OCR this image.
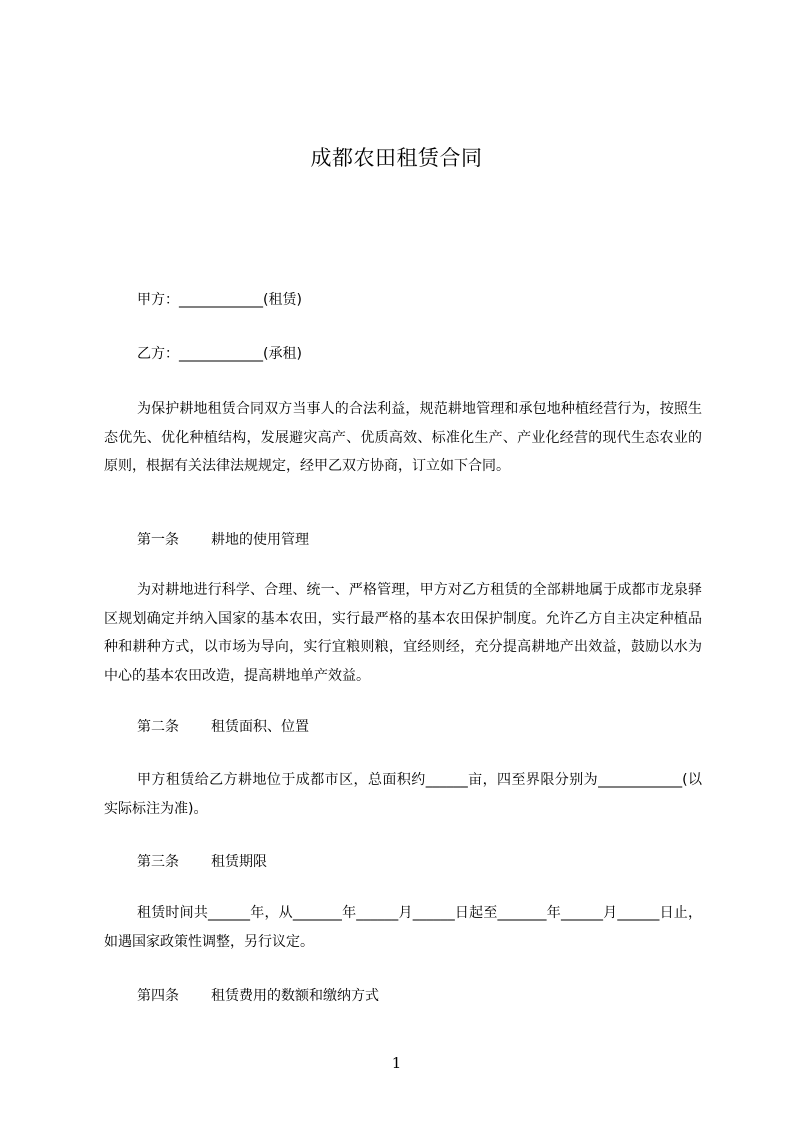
成都农田租赁合同
甲方：____________(租赁)
乙方：____________(承租)
为保护耕地租赁合同双方当事人的合法利益，规范耕地管理和承包地种植经营行为，按照生态优先、优化种植结构，发展避灾高产、优质高效、标准化生产、产业化经营的现代生态农业的原则，根据有关法律法规规定，经甲乙双方协商，订立如下合同。
第一条 耕地的使用管理
为对耕地进行科学、合理、统一、严格管理，甲方对乙方租赁的全部耕地属于成都市龙泉驿区规划确定并纳入国家的基本农田，实行最严格的基本农田保护制度。允许乙方自主决定种植品种和耕种方式，以市场为导向，实行宜粮则粮，宜经则经，充分提高耕地产出效益，鼓励以水为中心的基本农田改造，提高耕地单产效益。
第二条 租赁面积、位置
甲方租赁给乙方耕地位于成都市区，总面积约______亩，四至界限分别为____________(以实际标注为准)。
第三条 租赁期限
租赁时间共______年，从_______年______月______日起至_______年______月______日止，如遇国家政策性调整，另行议定。
第四条 租赁费用的数额和缴纳方式
1
